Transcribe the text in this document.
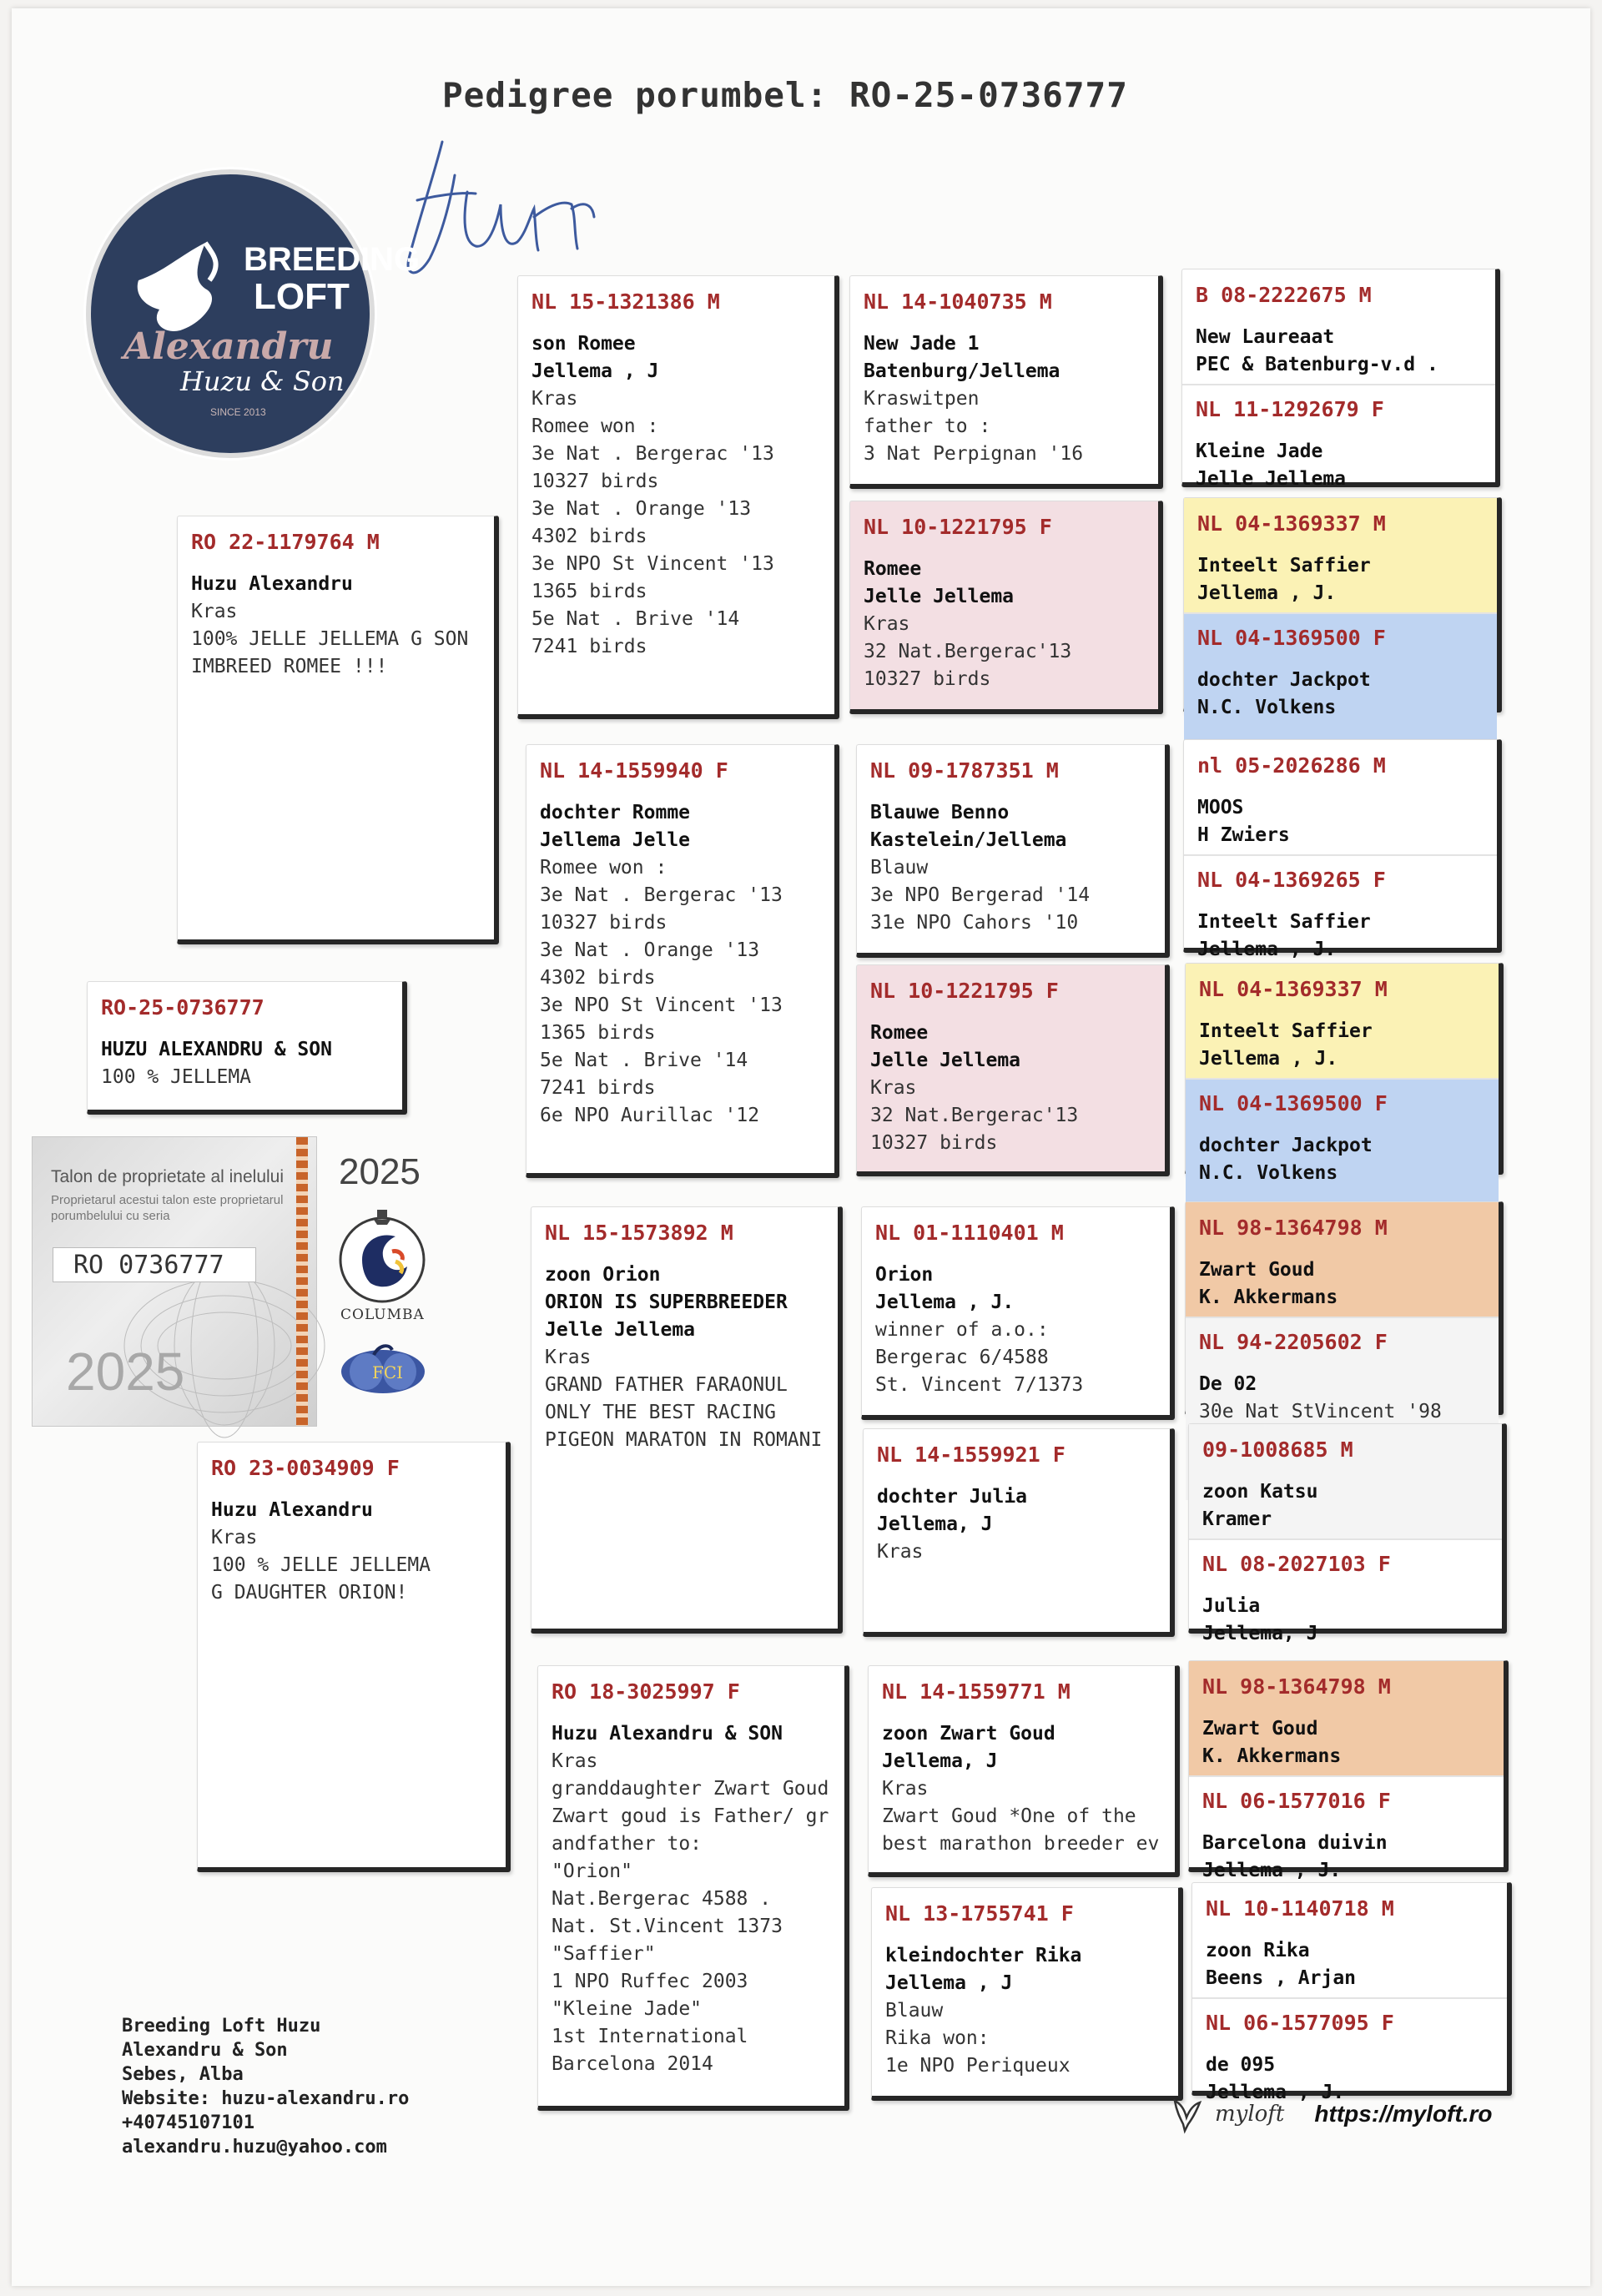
Pedigree porumbel: RO-25-0736777
BREEDING
LOFT
Alexandru
Huzu & Son
SINCE 2013
RO-25-0736777
HUZU ALEXANDRU & SON
100 % JELLEMA
RO 22-1179764 M
Huzu Alexandru
Kras
100% JELLE JELLEMA G SON
IMBREED ROMEE !!!
RO 23-0034909 F
Huzu Alexandru
Kras
100 % JELLE JELLEMA
G DAUGHTER ORION!
NL 15-1321386 M
son Romee
Jellema , J
Kras
Romee won :
3e Nat . Bergerac '13
10327 birds
3e Nat . Orange '13
4302 birds
3e NPO St Vincent '13
1365 birds
5e Nat . Brive '14
7241 birds
NL 14-1559940 F
dochter Romme
Jellema Jelle
Romee won :
3e Nat . Bergerac '13
10327 birds
3e Nat . Orange '13
4302 birds
3e NPO St Vincent '13
1365 birds
5e Nat . Brive '14
7241 birds
6e NPO Aurillac '12
NL 15-1573892 M
zoon Orion
ORION IS SUPERBREEDER
Jelle Jellema
Kras
GRAND FATHER FARAONUL
ONLY THE BEST RACING
PIGEON MARATON IN ROMANI
RO 18-3025997 F
Huzu Alexandru & SON
Kras
granddaughter Zwart Goud
Zwart goud is Father/ gr
andfather to:
"Orion"
Nat.Bergerac 4588 .
Nat. St.Vincent 1373
"Saffier"
1 NPO Ruffec 2003
"Kleine Jade"
1st International
Barcelona 2014
NL 14-1040735 M
New Jade 1
Batenburg/Jellema
Kraswitpen
father to :
3 Nat Perpignan '16
NL 10-1221795 F
Romee
Jelle Jellema
Kras
32 Nat.Bergerac'13
10327 birds
NL 09-1787351 M
Blauwe Benno
Kastelein/Jellema
Blauw
3e NPO Bergerad '14
31e NPO Cahors '10
NL 10-1221795 F
Romee
Jelle Jellema
Kras
32 Nat.Bergerac'13
10327 birds
NL 01-1110401 M
Orion
Jellema , J.
winner of a.o.:
Bergerac 6/4588
St. Vincent 7/1373
NL 14-1559921 F
dochter Julia
Jellema, J
Kras
NL 14-1559771 M
zoon Zwart Goud
Jellema, J
Kras
Zwart Goud *One of the
best marathon breeder ev
NL 13-1755741 F
kleindochter Rika
Jellema , J
Blauw
Rika won:
1e NPO Periqueux
B 08-2222675 M
New Laureaat
PEC & Batenburg-v.d .
NL 11-1292679 F
Kleine Jade
Jelle Jellema
NL 04-1369337 M
Inteelt Saffier
Jellema , J.
NL 04-1369500 F
dochter Jackpot
N.C. Volkens
nl 05-2026286 M
MOOS
H Zwiers
NL 04-1369265 F
Inteelt Saffier
Jellema , J.
NL 04-1369337 M
Inteelt Saffier
Jellema , J.
NL 04-1369500 F
dochter Jackpot
N.C. Volkens
NL 98-1364798 M
Zwart Goud
K. Akkermans
NL 94-2205602 F
De 02
30e Nat StVincent '98
09-1008685 M
zoon Katsu
Kramer
NL 08-2027103 F
Julia
Jellema, J
NL 98-1364798 M
Zwart Goud
K. Akkermans
NL 06-1577016 F
Barcelona duivin
Jellema , J.
NL 10-1140718 M
zoon Rika
Beens , Arjan
NL 06-1577095 F
de 095
Jellema , J.
Talon de proprietate al inelului
Proprietarul acestui talon este proprietarul porumbelului cu seria
RO 0736777
2025
2025
COLUMBA
FCI
Breeding Loft Huzu
Alexandru & Son
Sebes, Alba
Website: huzu-alexandru.ro
+40745107101
alexandru.huzu@yahoo.com
myloft https://myloft.ro
